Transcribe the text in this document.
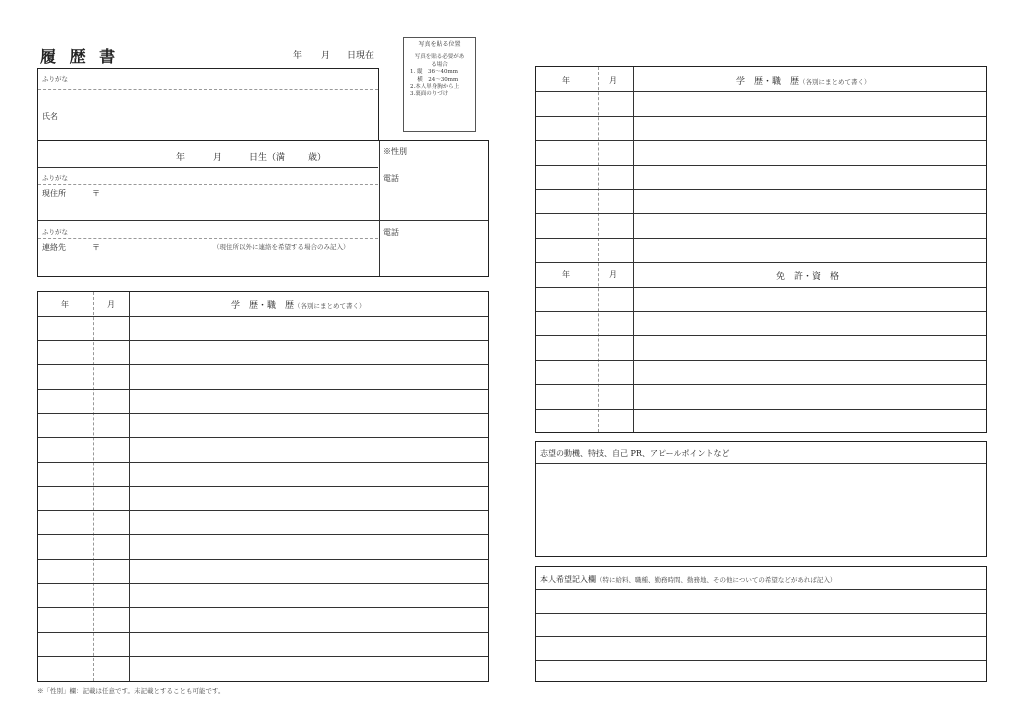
履 歴 書	年 月 日現在
写真を貼る位置
写真を貼る必要があ
る場合
1. 縦　36～40mm
　 横　24～30mm
2.本人単身胸から上
3.裏面のりづけ
ふりがな
氏名
年	月	日生（満	歳）
※性別
ふりがな
現住所	〒
電話
ふりがな
連絡先	〒	（現住所以外に連絡を希望する場合のみ記入）
電話
年	月	学　歴・職　歴（各別にまとめて書く）
※「性別」欄：記載は任意です。未記載とすることも可能です。
年	月	学　歴・職　歴（各別にまとめて書く）
年	月	免　許・資　格
志望の動機、特技、自己 PR、アピールポイントなど
本人希望記入欄（特に給料、職種、勤務時間、勤務地、その他についての希望などがあれば記入）
